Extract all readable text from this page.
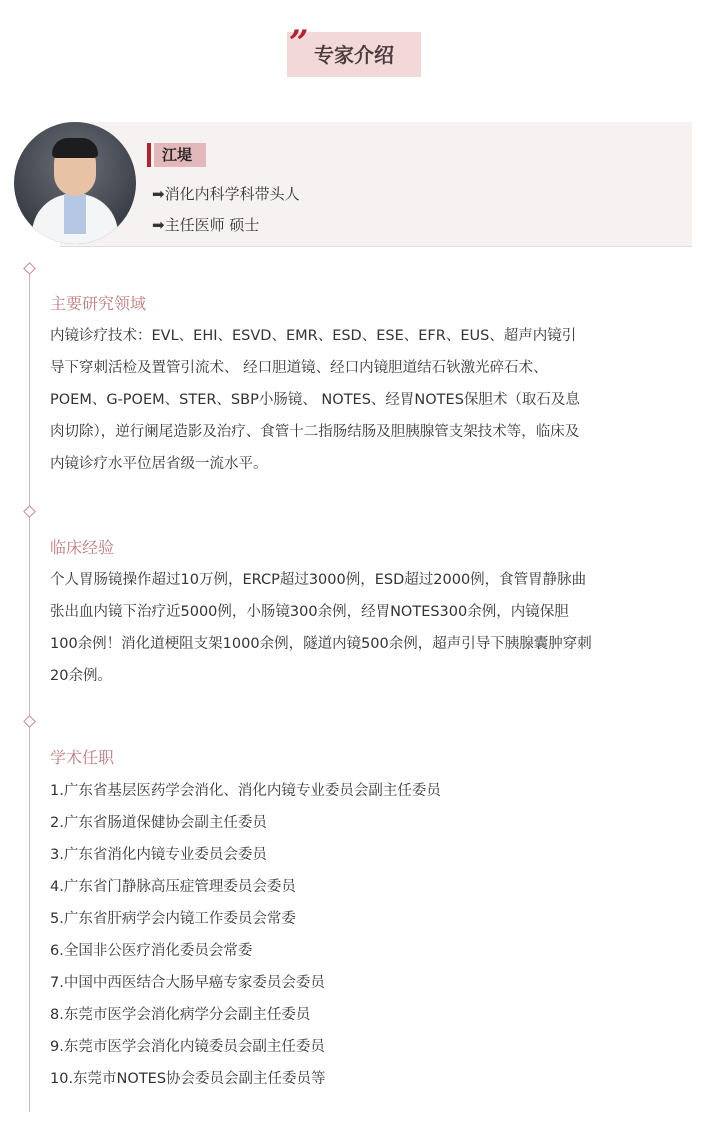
” 专家介绍
江堤
➡消化内科学科带头人
➡主任医师 硕士
主要研究领域
内镜诊疗技术：EVL、EHI、ESVD、EMR、ESD、ESE、EFR、EUS、超声内镜引
导下穿刺活检及置管引流术、 经口胆道镜、经口内镜胆道结石钬激光碎石术、
POEM、G-POEM、STER、SBP小肠镜、 NOTES、经胃NOTES保胆术（取石及息
肉切除），逆行阑尾造影及治疗、食管十二指肠结肠及胆胰腺管支架技术等，临床及
内镜诊疗水平位居省级一流水平。
临床经验
个人胃肠镜操作超过10万例，ERCP超过3000例，ESD超过2000例，食管胃静脉曲
张出血内镜下治疗近5000例，小肠镜300余例，经胃NOTES300余例，内镜保胆
100余例！消化道梗阻支架1000余例，隧道内镜500余例，超声引导下胰腺囊肿穿刺
20余例。
学术任职
1.广东省基层医药学会消化、消化内镜专业委员会副主任委员
2.广东省肠道保健协会副主任委员
3.广东省消化内镜专业委员会委员
4.广东省门静脉高压症管理委员会委员
5.广东省肝病学会内镜工作委员会常委
6.全国非公医疗消化委员会常委
7.中国中西医结合大肠早癌专家委员会委员
8.东莞市医学会消化病学分会副主任委员
9.东莞市医学会消化内镜委员会副主任委员
10.东莞市NOTES协会委员会副主任委员等
